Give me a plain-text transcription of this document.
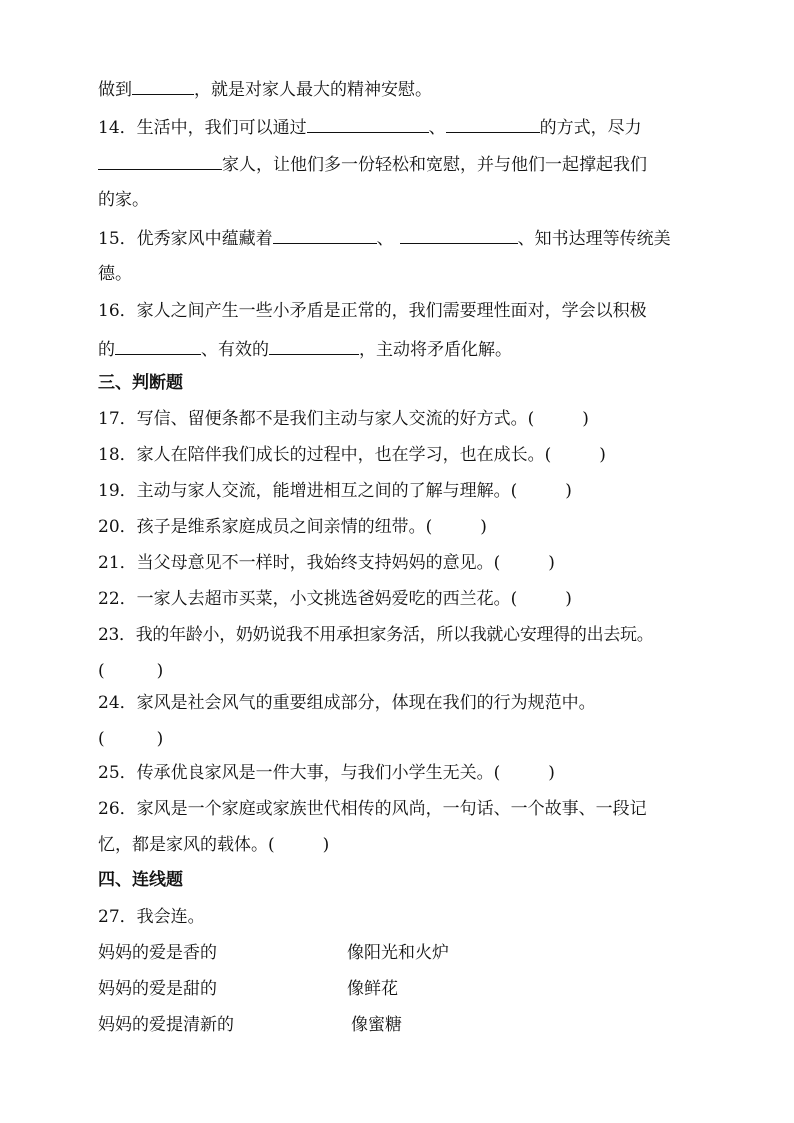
做到	，就是对家人最大的精神安慰。
14．生活中，我们可以通过	、	的方式，尽力
家人，让他们多一份轻松和宽慰，并与他们一起撑起我们
的家。
15．优秀家风中蕴藏着	、	、知书达理等传统美
德。
16．家人之间产生一些小矛盾是正常的，我们需要理性面对，学会以积极
的	、有效的	，主动将矛盾化解。
三、判断题
17．写信、留便条都不是我们主动与家人交流的好方式。(	)
18．家人在陪伴我们成长的过程中，也在学习，也在成长。(	)
19．主动与家人交流，能增进相互之间的了解与理解。(	)
20．孩子是维系家庭成员之间亲情的纽带。(	)
21．当父母意见不一样时，我始终支持妈妈的意见。(	)
22．一家人去超市买菜，小文挑选爸妈爱吃的西兰花。(	)
23．我的年龄小，奶奶说我不用承担家务活，所以我就心安理得的出去玩。
(	)
24．家风是社会风气的重要组成部分，体现在我们的行为规范中。
(	)
25．传承优良家风是一件大事，与我们小学生无关。(	)
26．家风是一个家庭或家族世代相传的风尚，一句话、一个故事、一段记
忆，都是家风的载体。(	)
四、连线题
27．我会连。
妈妈的爱是香的	像阳光和火炉
妈妈的爱是甜的	像鲜花
妈妈的爱提清新的	像蜜糖
